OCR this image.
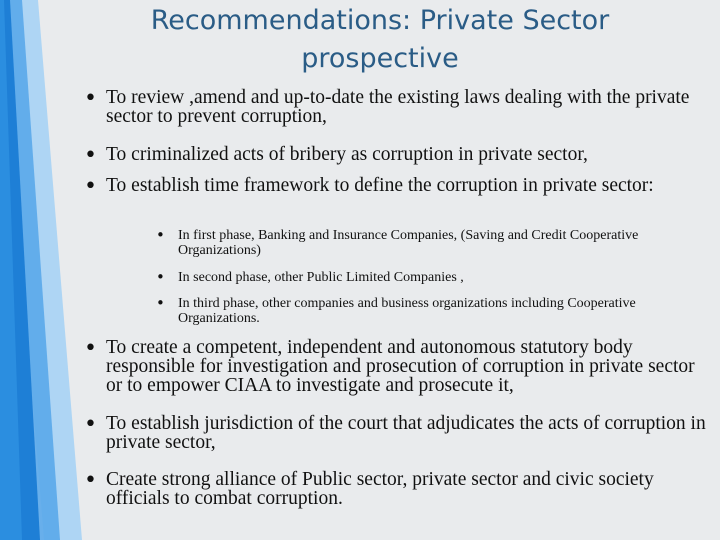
Recommendations: Private Sector prospective
• To review ,amend and up-to-date the existing laws dealing with the private sector to prevent corruption,
• To criminalized acts of bribery as corruption in private sector,
• To establish time framework to define the corruption in private sector:
• In first phase, Banking and Insurance Companies, (Saving and Credit Cooperative Organizations)
• In second phase, other Public Limited Companies ,
• In third phase, other companies and business organizations including Cooperative Organizations.
• To create a competent, independent and autonomous statutory body responsible for investigation and prosecution of corruption in private sector or to empower CIAA to investigate and prosecute it,
• To establish jurisdiction of the court that adjudicates the acts of corruption in private sector,
• Create strong alliance of Public sector, private sector and civic society officials to combat corruption.
